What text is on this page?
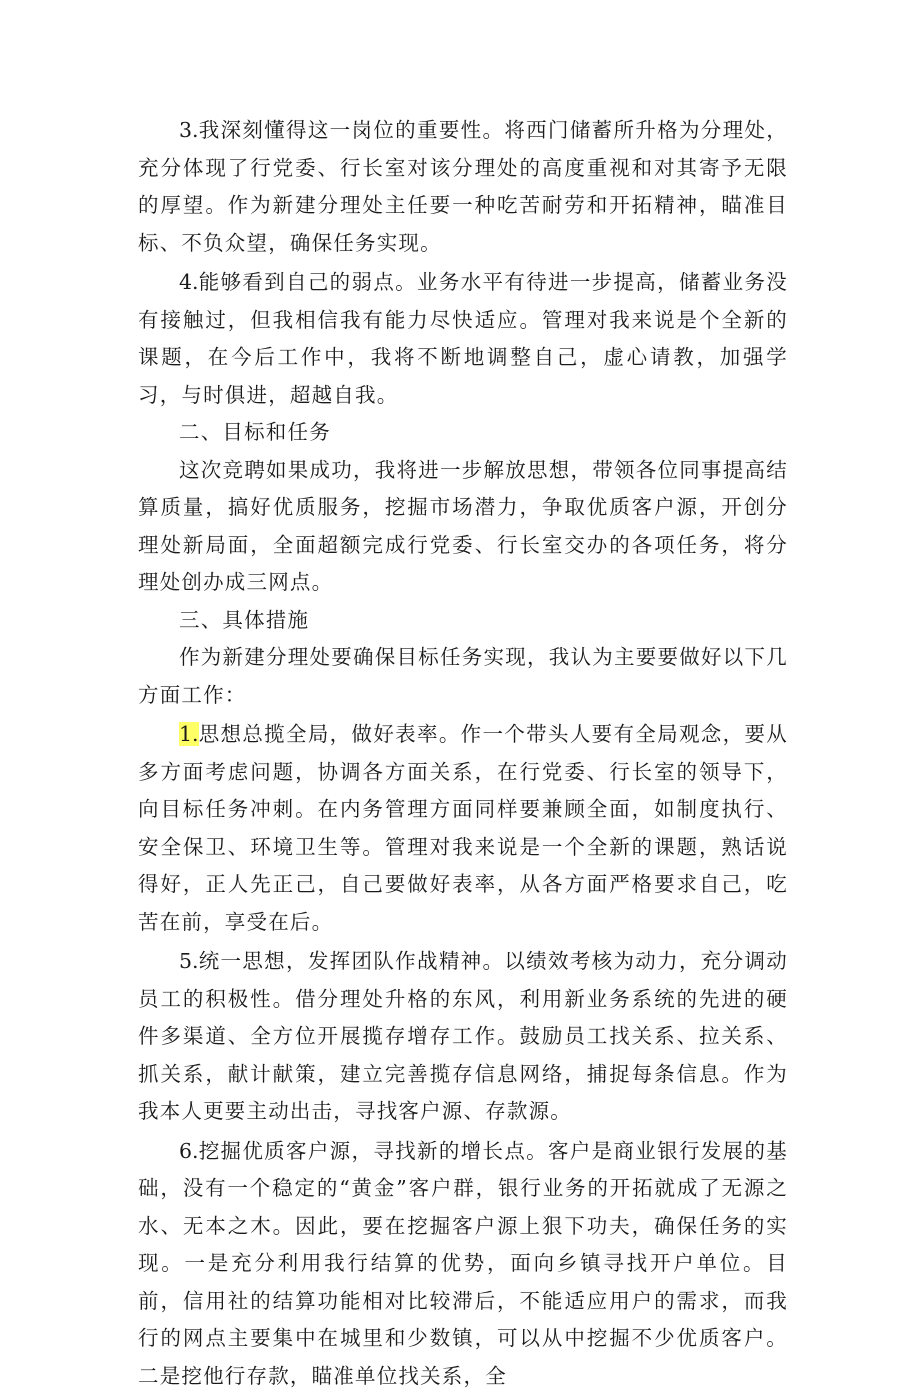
3.我深刻懂得这一岗位的重要性。将西门储蓄所升格为分理处，充分体现了行党委、行长室对该分理处的高度重视和对其寄予无限的厚望。作为新建分理处主任要一种吃苦耐劳和开拓精神，瞄准目标、不负众望，确保任务实现。

4.能够看到自己的弱点。业务水平有待进一步提高，储蓄业务没有接触过，但我相信我有能力尽快适应。管理对我来说是个全新的课题，在今后工作中，我将不断地调整自己，虚心请教，加强学习，与时俱进，超越自我。

二、目标和任务

这次竞聘如果成功，我将进一步解放思想，带领各位同事提高结算质量，搞好优质服务，挖掘市场潜力，争取优质客户源，开创分理处新局面，全面超额完成行党委、行长室交办的各项任务，将分理处创办成三网点。

三、具体措施

作为新建分理处要确保目标任务实现，我认为主要要做好以下几方面工作：

1.思想总揽全局，做好表率。作一个带头人要有全局观念，要从多方面考虑问题，协调各方面关系，在行党委、行长室的领导下，向目标任务冲刺。在内务管理方面同样要兼顾全面，如制度执行、安全保卫、环境卫生等。管理对我来说是一个全新的课题，熟话说得好，正人先正己，自己要做好表率，从各方面严格要求自己，吃苦在前，享受在后。

5.统一思想，发挥团队作战精神。以绩效考核为动力，充分调动员工的积极性。借分理处升格的东风，利用新业务系统的先进的硬件多渠道、全方位开展揽存增存工作。鼓励员工找关系、拉关系、抓关系，献计献策，建立完善揽存信息网络，捕捉每条信息。作为我本人更要主动出击，寻找客户源、存款源。

6.挖掘优质客户源，寻找新的增长点。客户是商业银行发展的基础，没有一个稳定的“黄金”客户群，银行业务的开拓就成了无源之水、无本之木。因此，要在挖掘客户源上狠下功夫，确保任务的实现。一是充分利用我行结算的优势，面向乡镇寻找开户单位。目前，信用社的结算功能相对比较滞后，不能适应用户的需求，而我行的网点主要集中在城里和少数镇，可以从中挖掘不少优质客户。二是挖他行存款，瞄准单位找关系，全
